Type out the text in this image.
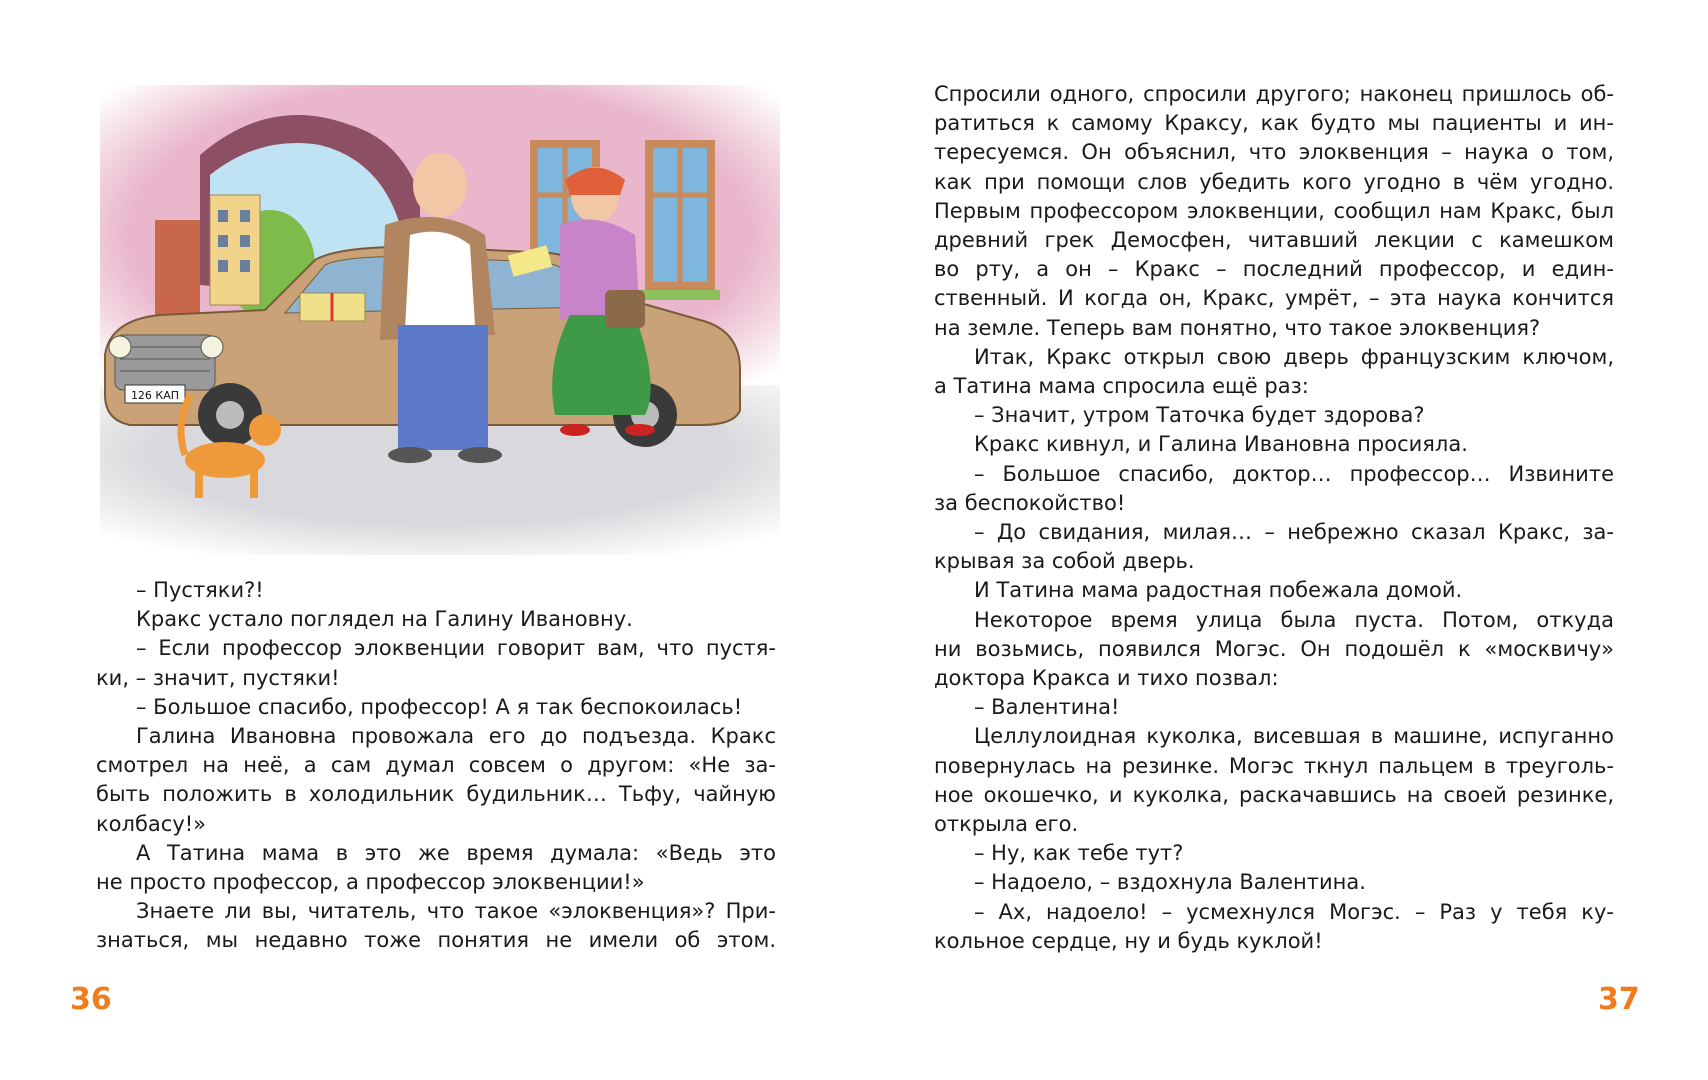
126 КАП
– Пустяки?!
Кракс устало поглядел на Галину Ивановну.
– Если профессор элоквенции говорит вам, что пустя-
ки, – значит, пустяки!
– Большое спасибо, профессор! А я так беспокоилась!
Галина Ивановна провожала его до подъезда. Кракс
смотрел на неё, а сам думал совсем о другом: «Не за-
быть положить в холодильник будильник… Тьфу, чайную
колбасу!»
А Татина мама в это же время думала: «Ведь это
не просто профессор, а профессор элоквенции!»
Знаете ли вы, читатель, что такое «элоквенция»? При-
знаться, мы недавно тоже понятия не имели об этом.
36
Спросили одного, спросили другого; наконец пришлось об-
ратиться к самому Краксу, как будто мы пациенты и ин-
тересуемся. Он объяснил, что элоквенция – наука о том,
как при помощи слов убедить кого угодно в чём угодно.
Первым профессором элоквенции, сообщил нам Кракс, был
древний грек Демосфен, читавший лекции с камешком
во рту, а он – Кракс – последний профессор, и един-
ственный. И когда он, Кракс, умрёт, – эта наука кончится
на земле. Теперь вам понятно, что такое элоквенция?
Итак, Кракс открыл свою дверь французским ключом,
а Татина мама спросила ещё раз:
– Значит, утром Таточка будет здорова?
Кракс кивнул, и Галина Ивановна просияла.
– Большое спасибо, доктор… профессор… Извините
за беспокойство!
– До свидания, милая… – небрежно сказал Кракс, за-
крывая за собой дверь.
И Татина мама радостная побежала домой.
Некоторое время улица была пуста. Потом, откуда
ни возьмись, появился Могэс. Он подошёл к «москвичу»
доктора Кракса и тихо позвал:
– Валентина!
Целлулоидная куколка, висевшая в машине, испуганно
повернулась на резинке. Могэс ткнул пальцем в треуголь-
ное окошечко, и куколка, раскачавшись на своей резинке,
открыла его.
– Ну, как тебе тут?
– Надоело, – вздохнула Валентина.
– Ах, надоело! – усмехнулся Могэс. – Раз у тебя ку-
кольное сердце, ну и будь куклой!
37
